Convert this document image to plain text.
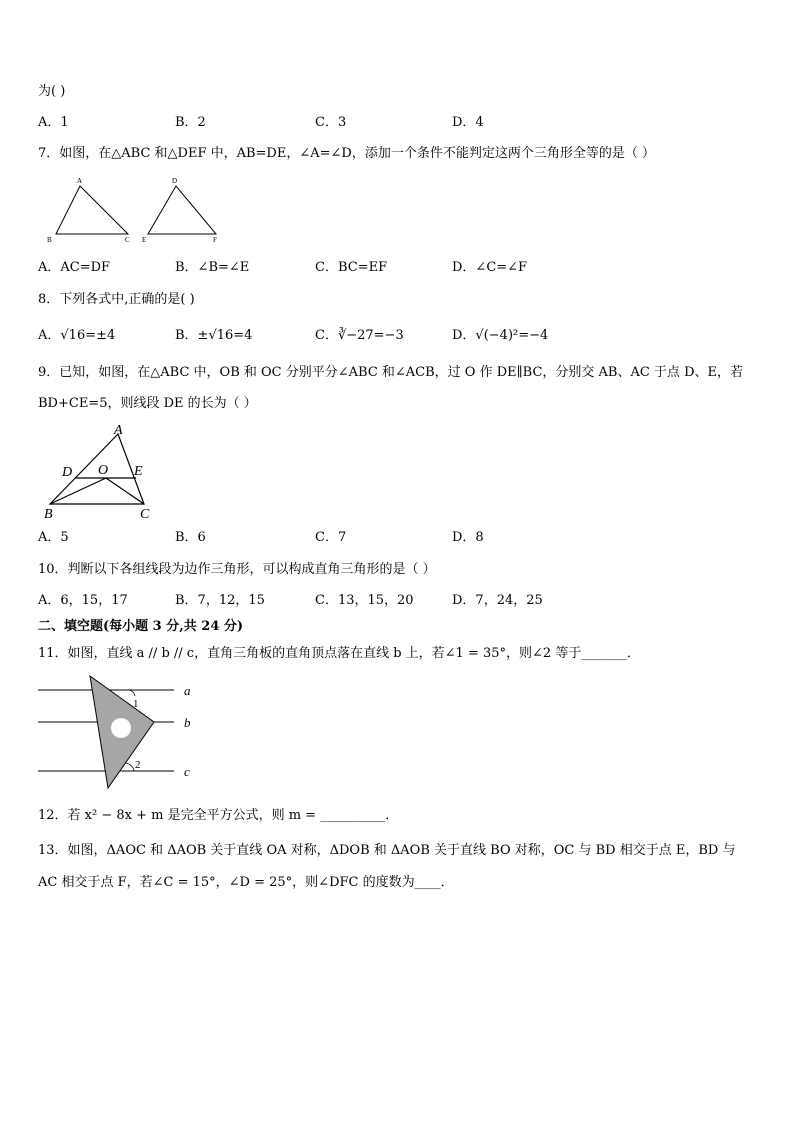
为( )
A．1	B．2	C．3	D．4
7．如图，在△ABC 和△DEF 中，AB=DE，∠A=∠D，添加一个条件不能判定这两个三角形全等的是（ ）
A
B	C
D
E	F
A．AC=DF	B．∠B=∠E	C．BC=EF	D．∠C=∠F
8．下列各式中,正确的是( )
A．√16=±4	B．±√16=4	C．∛−27=−3	D．√(−4)²=−4
9．已知，如图，在△ABC 中，OB 和 OC 分别平分∠ABC 和∠ACB，过 O 作 DE∥BC，分别交 AB、AC 于点 D、E，若
BD+CE=5，则线段 DE 的长为（ ）
A
B	C
D	E
O
A．5	B．6	C．7	D．8
10．判断以下各组线段为边作三角形，可以构成直角三角形的是（ ）
A．6，15，17	B．7，12，15	C．13，15，20	D．7，24，25
二、填空题(每小题 3 分,共 24 分)
11．如图，直线 a // b // c，直角三角板的直角顶点落在直线 b 上，若∠1 = 35°，则∠2 等于_______．
a
b
c
1
2
12．若 x² − 8x + m 是完全平方公式，则 m = __________．
13．如图，ΔAOC 和 ΔAOB 关于直线 OA 对称，ΔDOB 和 ΔAOB 关于直线 BO 对称，OC 与 BD 相交于点 E，BD 与
AC 相交于点 F，若∠C = 15°，∠D = 25°，则∠DFC 的度数为____．
